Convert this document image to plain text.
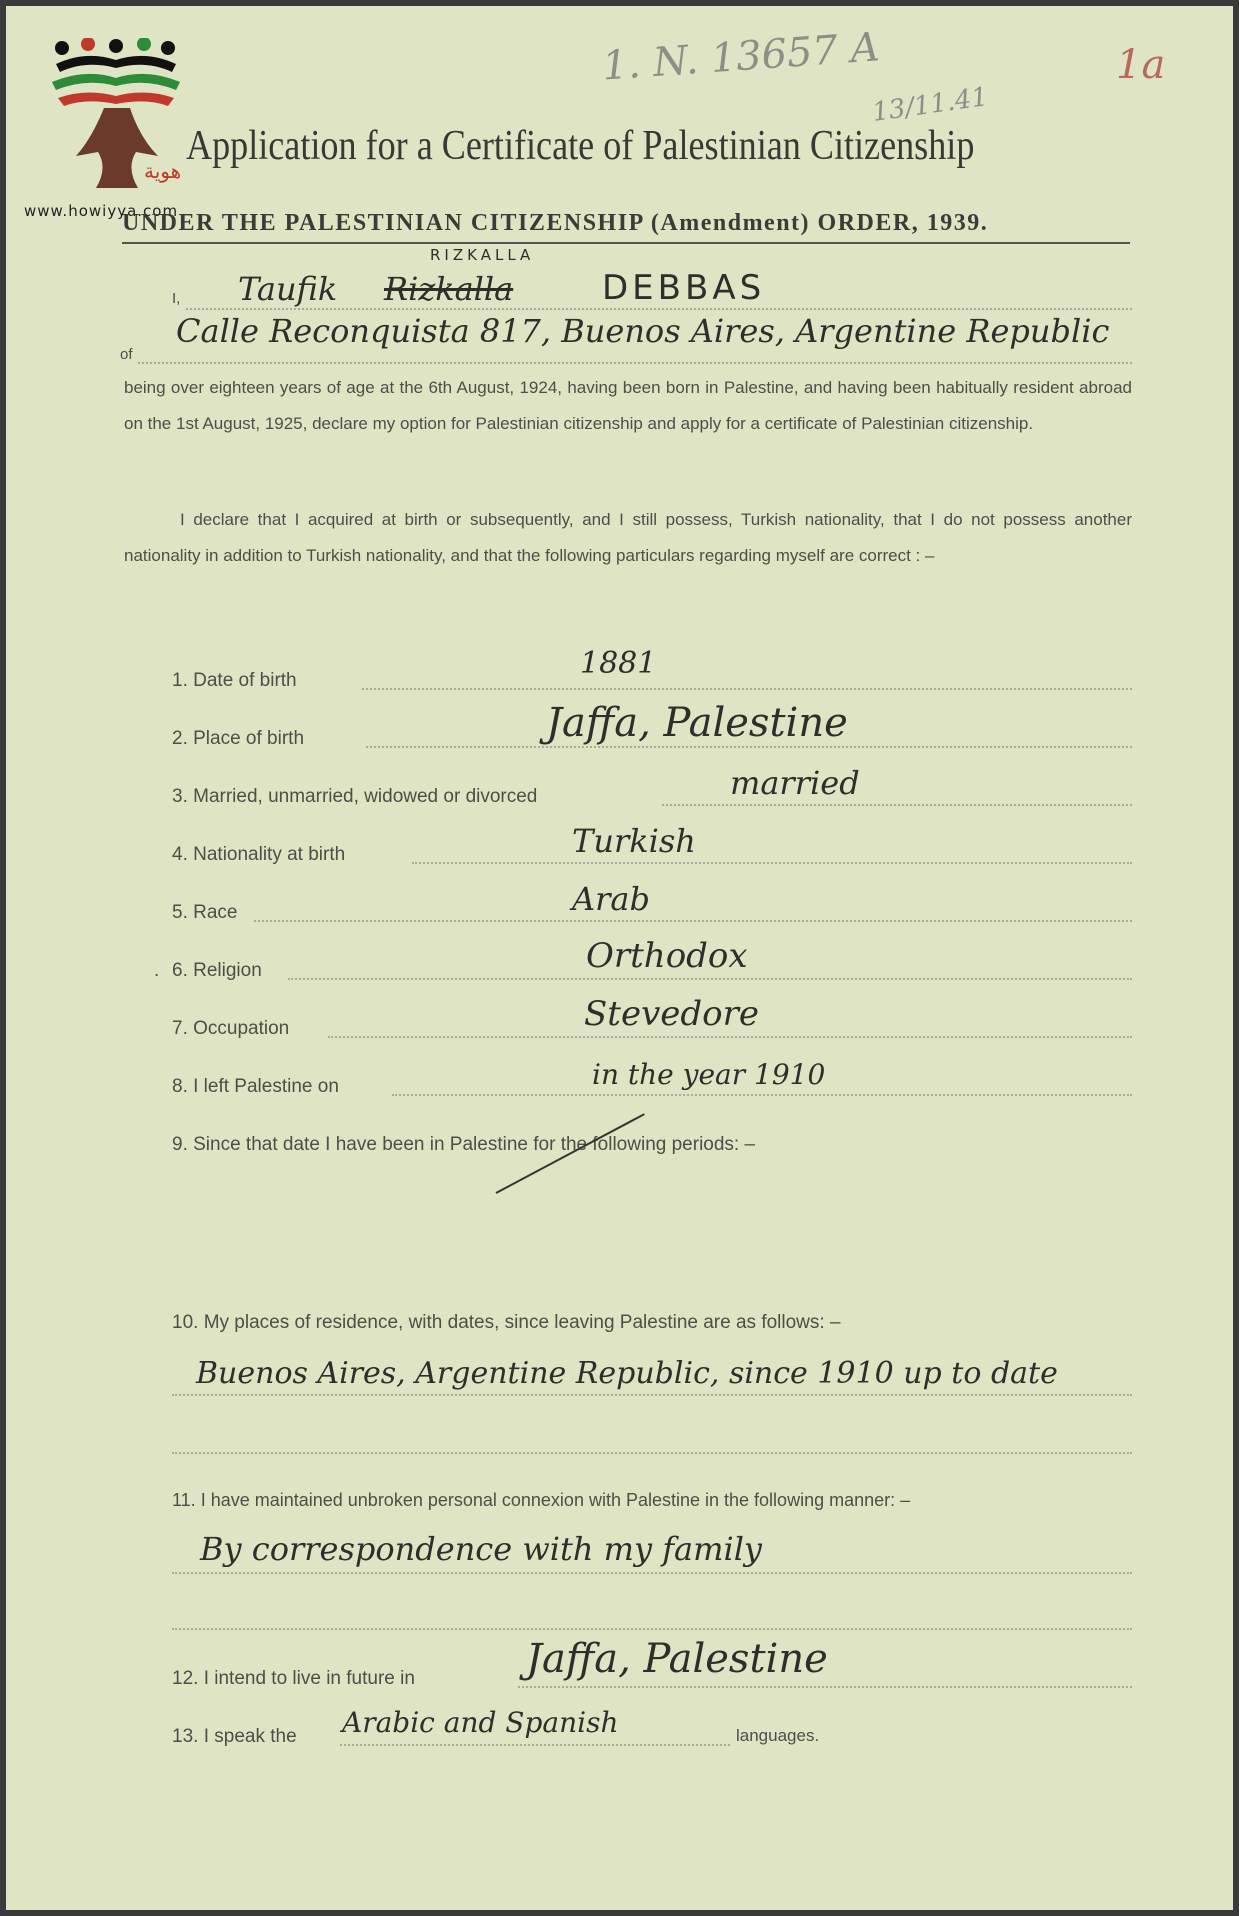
هوية
www.howiyya.com
1. N. 13657 A
13/11.41
1a
Application for a Certificate of Palestinian Citizenship
UNDER THE PALESTINIAN CITIZENSHIP (Amendment) ORDER, 1939.
I, Taufik Rizkalla
RIZKALLA
DEBBAS
of
Calle Reconquista 817, Buenos Aires, Argentine Republic
being over eighteen years of age at the 6th August, 1924, having been born in Palestine, and having been habitually resident abroad on the 1st August, 1925, declare my option for Palestinian citizenship and apply for a certificate of Palestinian citizenship.
I declare that I acquired at birth or subsequently, and I still possess, Turkish nationality, that I do not possess another nationality in addition to Turkish nationality, and that the following particulars regarding myself are correct : –
1. Date of birth	1881
2. Place of birth	Jaffa, Palestine
3. Married, unmarried, widowed or divorced	married
4. Nationality at birth	Turkish
5. Race	Arab
. 6. Religion	Orthodox
7. Occupation	Stevedore
8. I left Palestine on	in the year 1910
9. Since that date I have been in Palestine for the following periods: –
10. My places of residence, with dates, since leaving Palestine are as follows: –
Buenos Aires, Argentine Republic, since 1910 up to date
11. I have maintained unbroken personal connexion with Palestine in the following manner: –
By correspondence with my family
12. I intend to live in future in	Jaffa, Palestine
13. I speak the Arabic and Spanish	languages.
